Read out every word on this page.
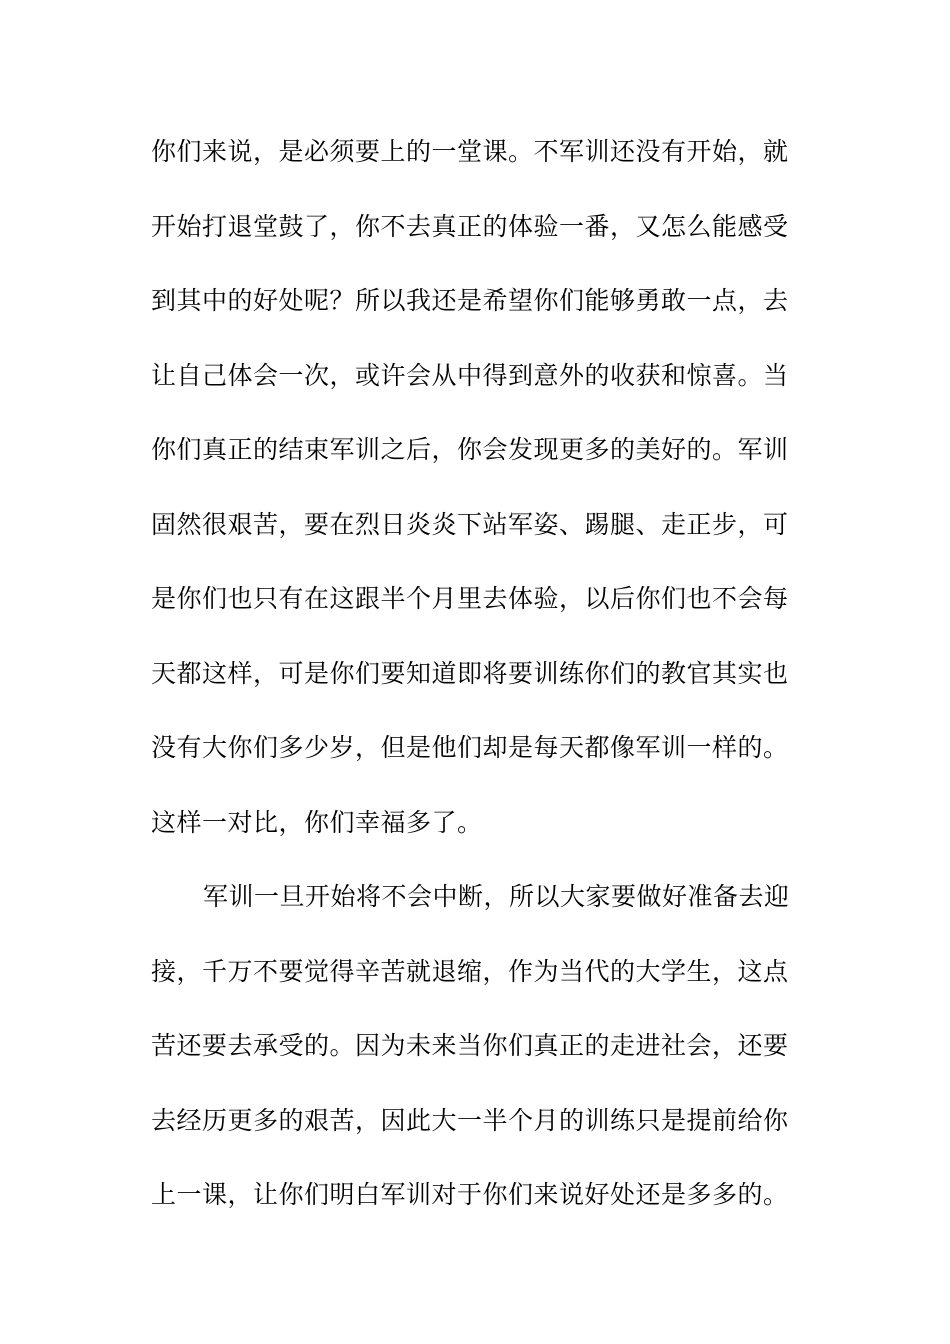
你们来说，是必须要上的一堂课。不军训还没有开始，就
开始打退堂鼓了，你不去真正的体验一番，又怎么能感受
到其中的好处呢？所以我还是希望你们能够勇敢一点，去
让自己体会一次，或许会从中得到意外的收获和惊喜。当
你们真正的结束军训之后，你会发现更多的美好的。军训
固然很艰苦，要在烈日炎炎下站军姿、踢腿、走正步，可
是你们也只有在这跟半个月里去体验，以后你们也不会每
天都这样，可是你们要知道即将要训练你们的教官其实也
没有大你们多少岁，但是他们却是每天都像军训一样的。
这样一对比，你们幸福多了。
军训一旦开始将不会中断，所以大家要做好准备去迎
接，千万不要觉得辛苦就退缩，作为当代的大学生，这点
苦还要去承受的。因为未来当你们真正的走进社会，还要
去经历更多的艰苦，因此大一半个月的训练只是提前给你
上一课，让你们明白军训对于你们来说好处还是多多的。
